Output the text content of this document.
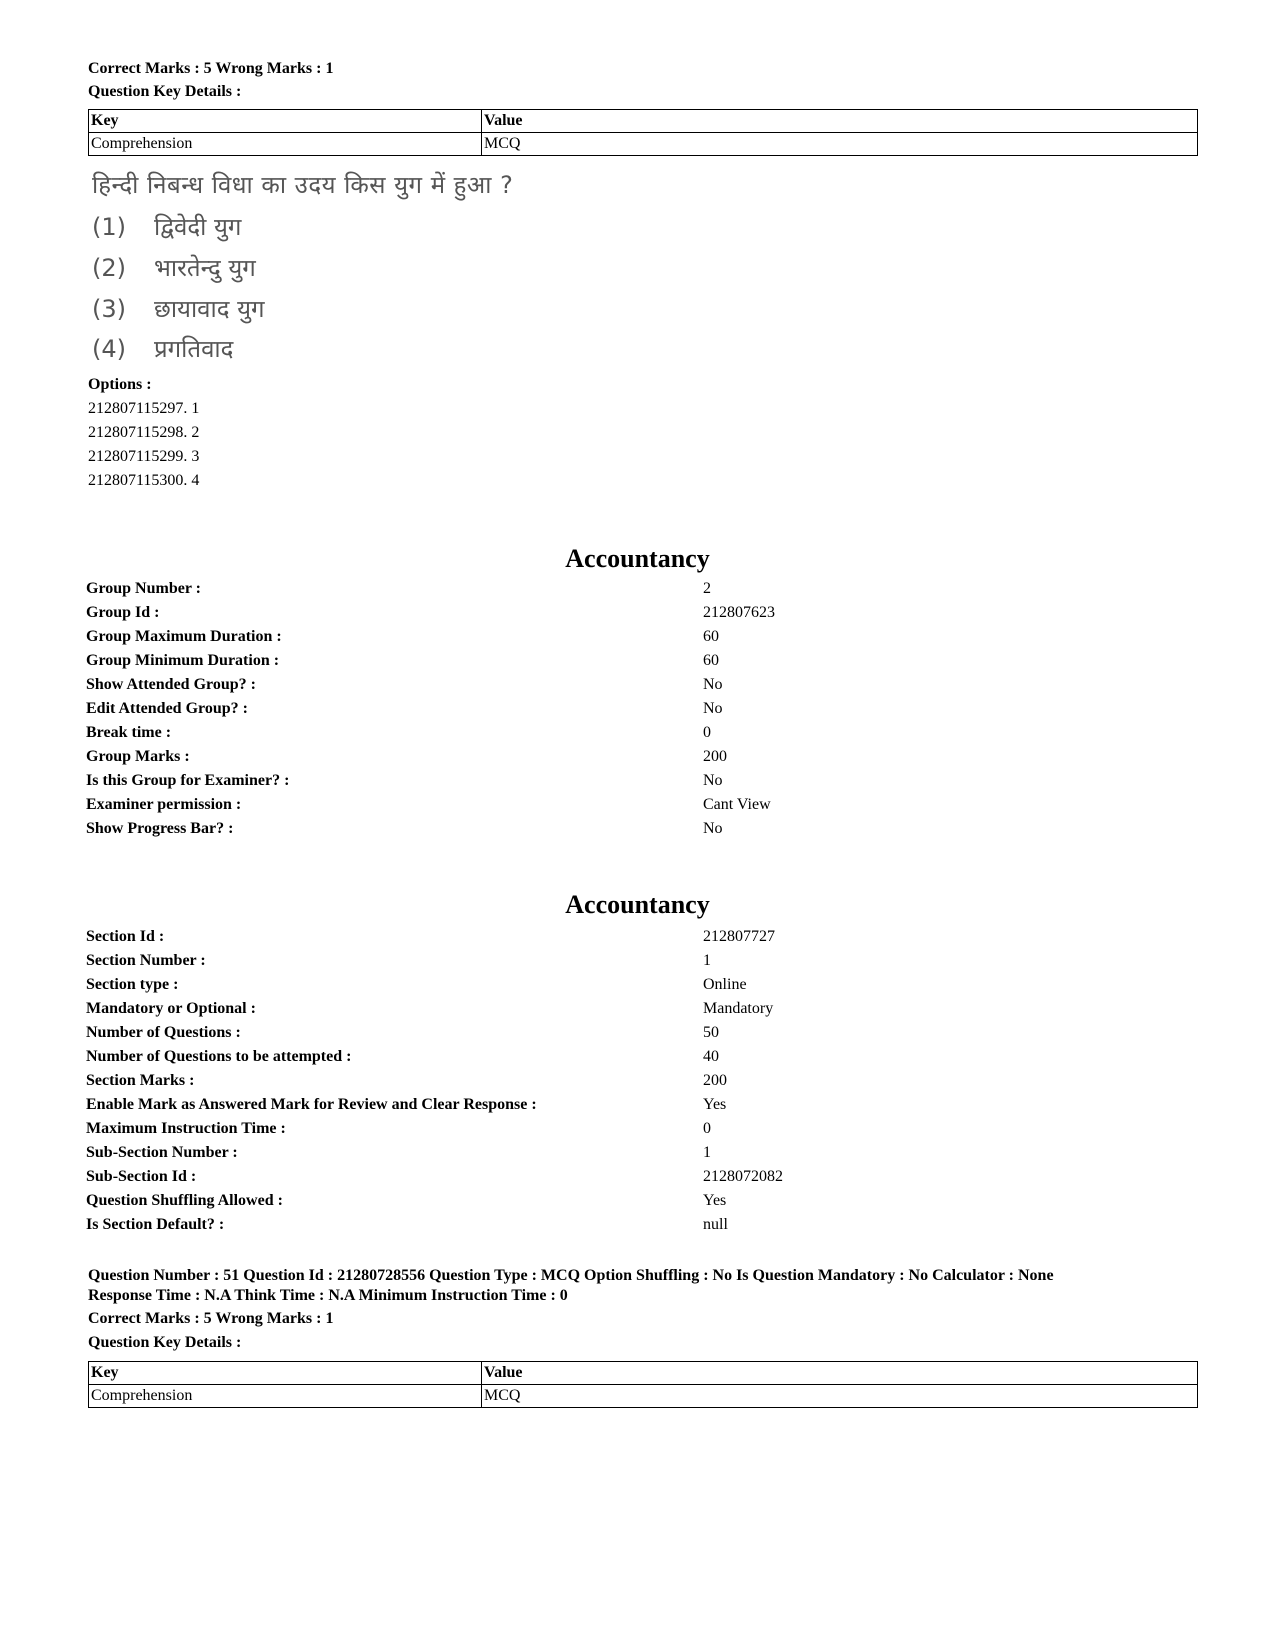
Correct Marks : 5 Wrong Marks : 1
Question Key Details :
Key	Value
Comprehension	MCQ
हिन्दी निबन्ध विधा का उदय किस युग में हुआ ?
(1) द्विवेदी युग
(2) भारतेन्दु युग
(3) छायावाद युग
(4) प्रगतिवाद
Options :
212807115297. 1
212807115298. 2
212807115299. 3
212807115300. 4
Accountancy
Group Number :	2
Group Id :	212807623
Group Maximum Duration :	60
Group Minimum Duration :	60
Show Attended Group? :	No
Edit Attended Group? :	No
Break time :	0
Group Marks :	200
Is this Group for Examiner? :	No
Examiner permission :	Cant View
Show Progress Bar? :	No
Accountancy
Section Id :	212807727
Section Number :	1
Section type :	Online
Mandatory or Optional :	Mandatory
Number of Questions :	50
Number of Questions to be attempted :	40
Section Marks :	200
Enable Mark as Answered Mark for Review and Clear Response :	Yes
Maximum Instruction Time :	0
Sub-Section Number :	1
Sub-Section Id :	2128072082
Question Shuffling Allowed :	Yes
Is Section Default? :	null
Question Number : 51 Question Id : 21280728556 Question Type : MCQ Option Shuffling : No Is Question Mandatory : No Calculator : None
Response Time : N.A Think Time : N.A Minimum Instruction Time : 0
Correct Marks : 5 Wrong Marks : 1
Question Key Details :
Key	Value
Comprehension	MCQ
